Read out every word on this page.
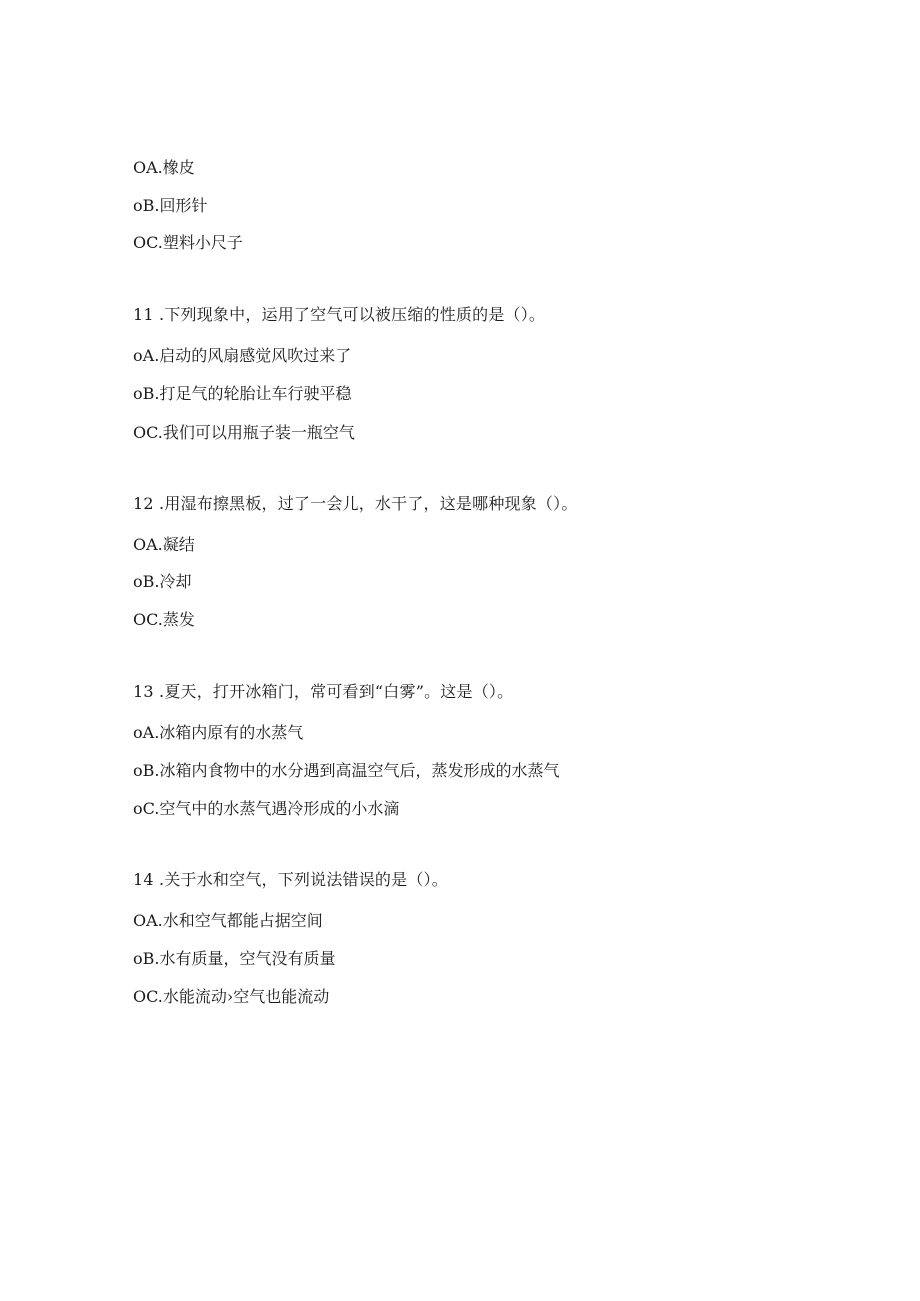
OA.橡皮
oB.回形针
OC.塑料小尺子
11 .下列现象中，运用了空气可以被压缩的性质的是（）。
oA.启动的风扇感觉风吹过来了
oB.打足气的轮胎让车行驶平稳
OC.我们可以用瓶子装一瓶空气
12 .用湿布擦黑板，过了一会儿，水干了，这是哪种现象（）。
OA.凝结
oB.冷却
OC.蒸发
13 .夏天，打开冰箱门，常可看到“白雾”。这是（）。
oA.冰箱内原有的水蒸气
oB.冰箱内食物中的水分遇到高温空气后，蒸发形成的水蒸气
oC.空气中的水蒸气遇冷形成的小水滴
14 .关于水和空气，下列说法错误的是（）。
OA.水和空气都能占据空间
oB.水有质量，空气没有质量
OC.水能流动›空气也能流动
